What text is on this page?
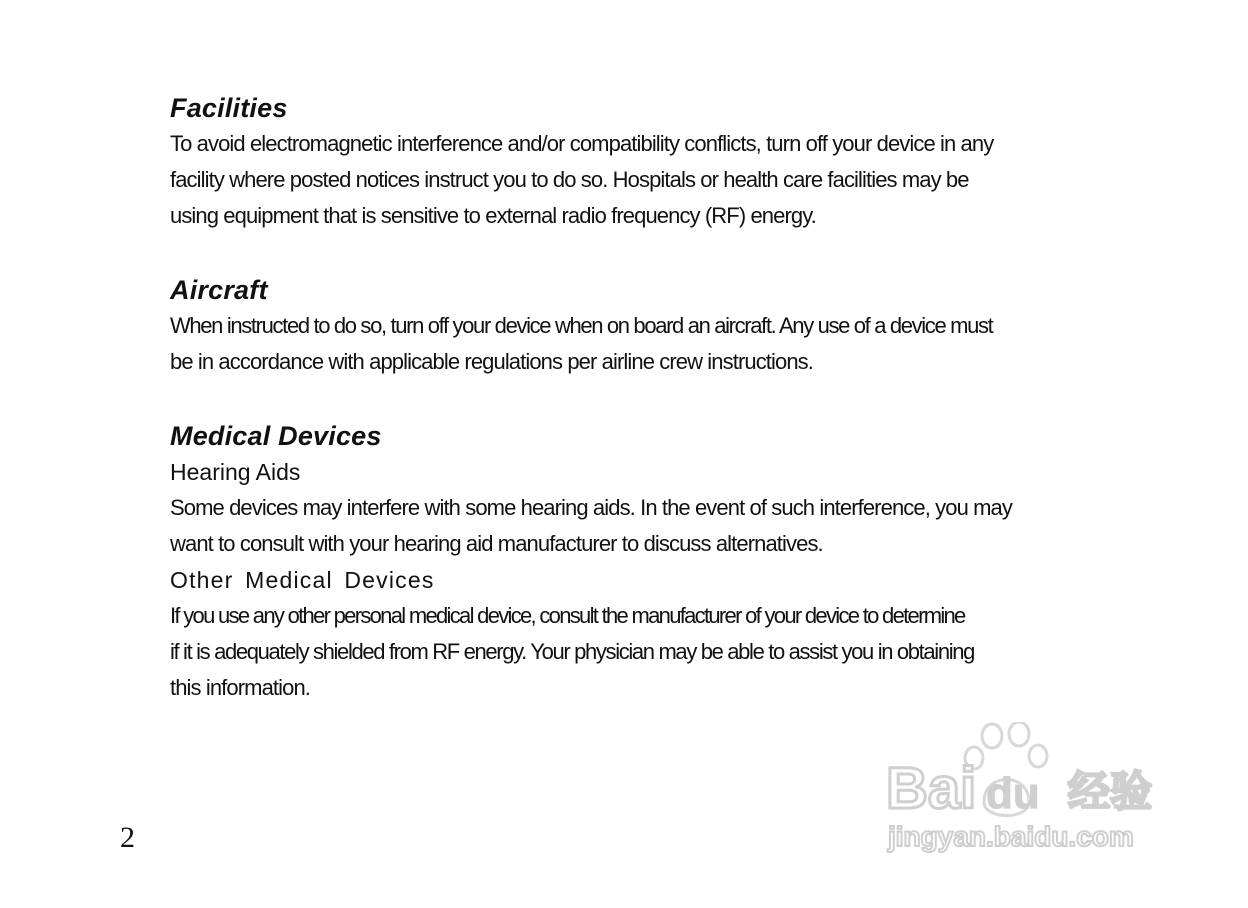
Facilities

To avoid electromagnetic interference and/or compatibility conflicts, turn off your device in any

facility where posted notices instruct you to do so. Hospitals or health care facilities may be

using equipment that is sensitive to external radio frequency (RF) energy.

Aircraft

When instructed to do so, turn off your device when on board an aircraft. Any use of a device must

be in accordance with applicable regulations per airline crew instructions.

Medical Devices

Hearing Aids

Some devices may interfere with some hearing aids. In the event of such interference, you may

want to consult with your hearing aid manufacturer to discuss alternatives.

Other Medical Devices

If you use any other personal medical device, consult the manufacturer of your device to determine

if it is adequately shielded from RF energy. Your physician may be able to assist you in obtaining

this information.

2
Bai du 经验
jingyan.baidu.com
